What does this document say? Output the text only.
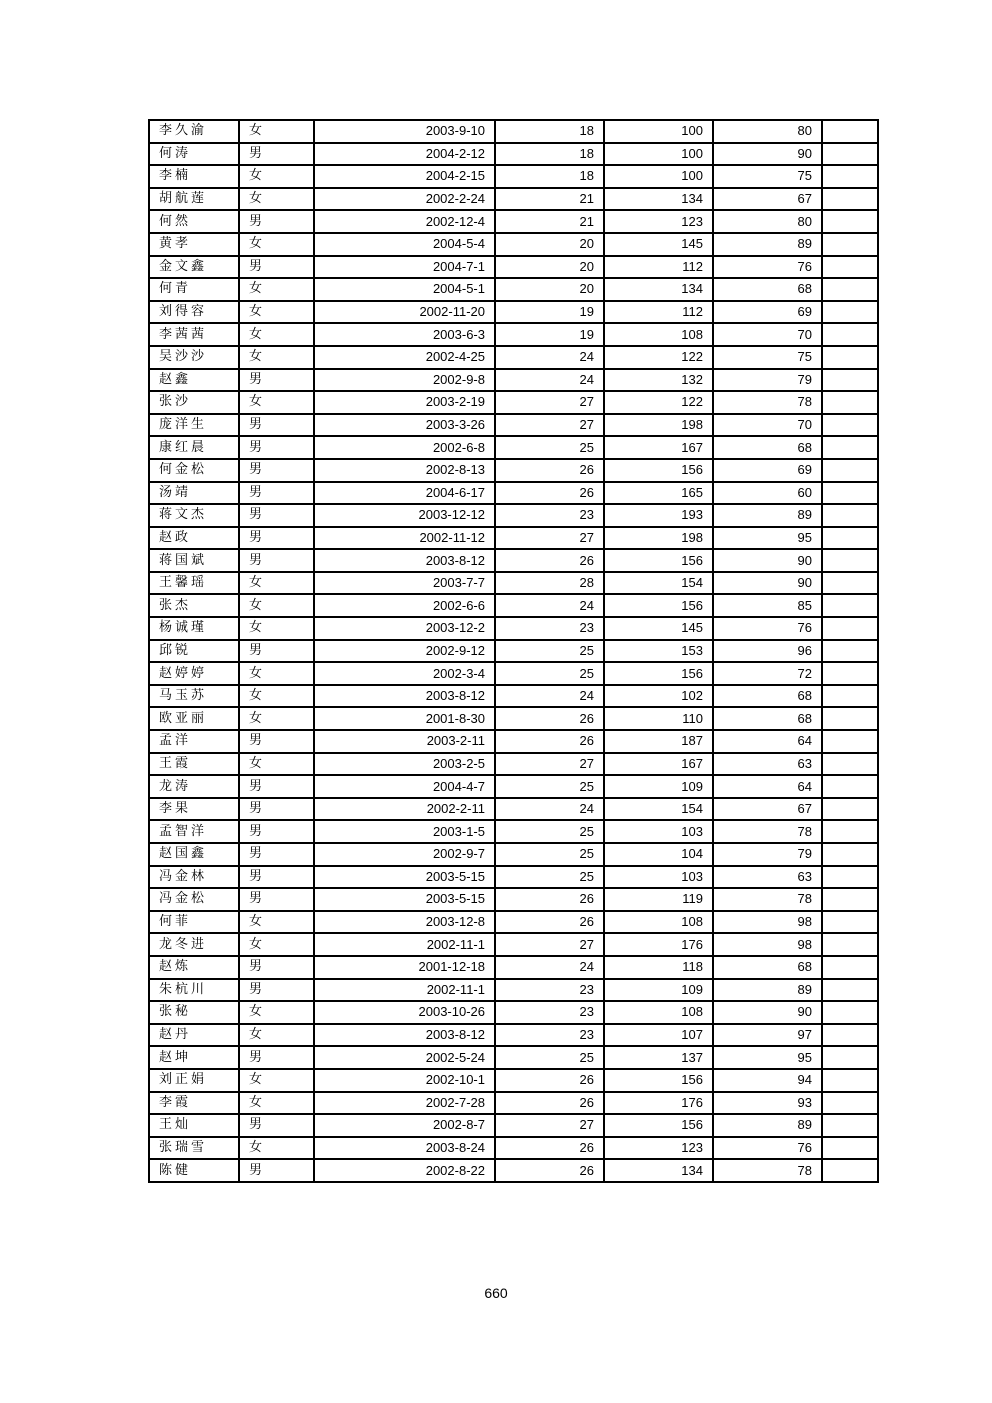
李久渝	女	2003-9-10	18	100	80	
何涛	男	2004-2-12	18	100	90	
李楠	女	2004-2-15	18	100	75	
胡航莲	女	2002-2-24	21	134	67	
何然	男	2002-12-4	21	123	80	
黄孝	女	2004-5-4	20	145	89	
金文鑫	男	2004-7-1	20	112	76	
何青	女	2004-5-1	20	134	68	
刘得容	女	2002-11-20	19	112	69	
李茜茜	女	2003-6-3	19	108	70	
吴沙沙	女	2002-4-25	24	122	75	
赵鑫	男	2002-9-8	24	132	79	
张沙	女	2003-2-19	27	122	78	
庞洋生	男	2003-3-26	27	198	70	
康红晨	男	2002-6-8	25	167	68	
何金松	男	2002-8-13	26	156	69	
汤靖	男	2004-6-17	26	165	60	
蒋文杰	男	2003-12-12	23	193	89	
赵政	男	2002-11-12	27	198	95	
蒋国斌	男	2003-8-12	26	156	90	
王馨瑶	女	2003-7-7	28	154	90	
张杰	女	2002-6-6	24	156	85	
杨诚瑾	女	2003-12-2	23	145	76	
邱锐	男	2002-9-12	25	153	96	
赵婷婷	女	2002-3-4	25	156	72	
马玉苏	女	2003-8-12	24	102	68	
欧亚丽	女	2001-8-30	26	110	68	
孟洋	男	2003-2-11	26	187	64	
王霞	女	2003-2-5	27	167	63	
龙涛	男	2004-4-7	25	109	64	
李果	男	2002-2-11	24	154	67	
孟智洋	男	2003-1-5	25	103	78	
赵国鑫	男	2002-9-7	25	104	79	
冯金林	男	2003-5-15	25	103	63	
冯金松	男	2003-5-15	26	119	78	
何菲	女	2003-12-8	26	108	98	
龙冬进	女	2002-11-1	27	176	98	
赵炼	男	2001-12-18	24	118	68	
朱杭川	男	2002-11-1	23	109	89	
张秘	女	2003-10-26	23	108	90	
赵丹	女	2003-8-12	23	107	97	
赵坤	男	2002-5-24	25	137	95	
刘正娟	女	2002-10-1	26	156	94	
李霞	女	2002-7-28	26	176	93	
王灿	男	2002-8-7	27	156	89	
张瑞雪	女	2003-8-24	26	123	76	
陈健	男	2002-8-22	26	134	78	
660
